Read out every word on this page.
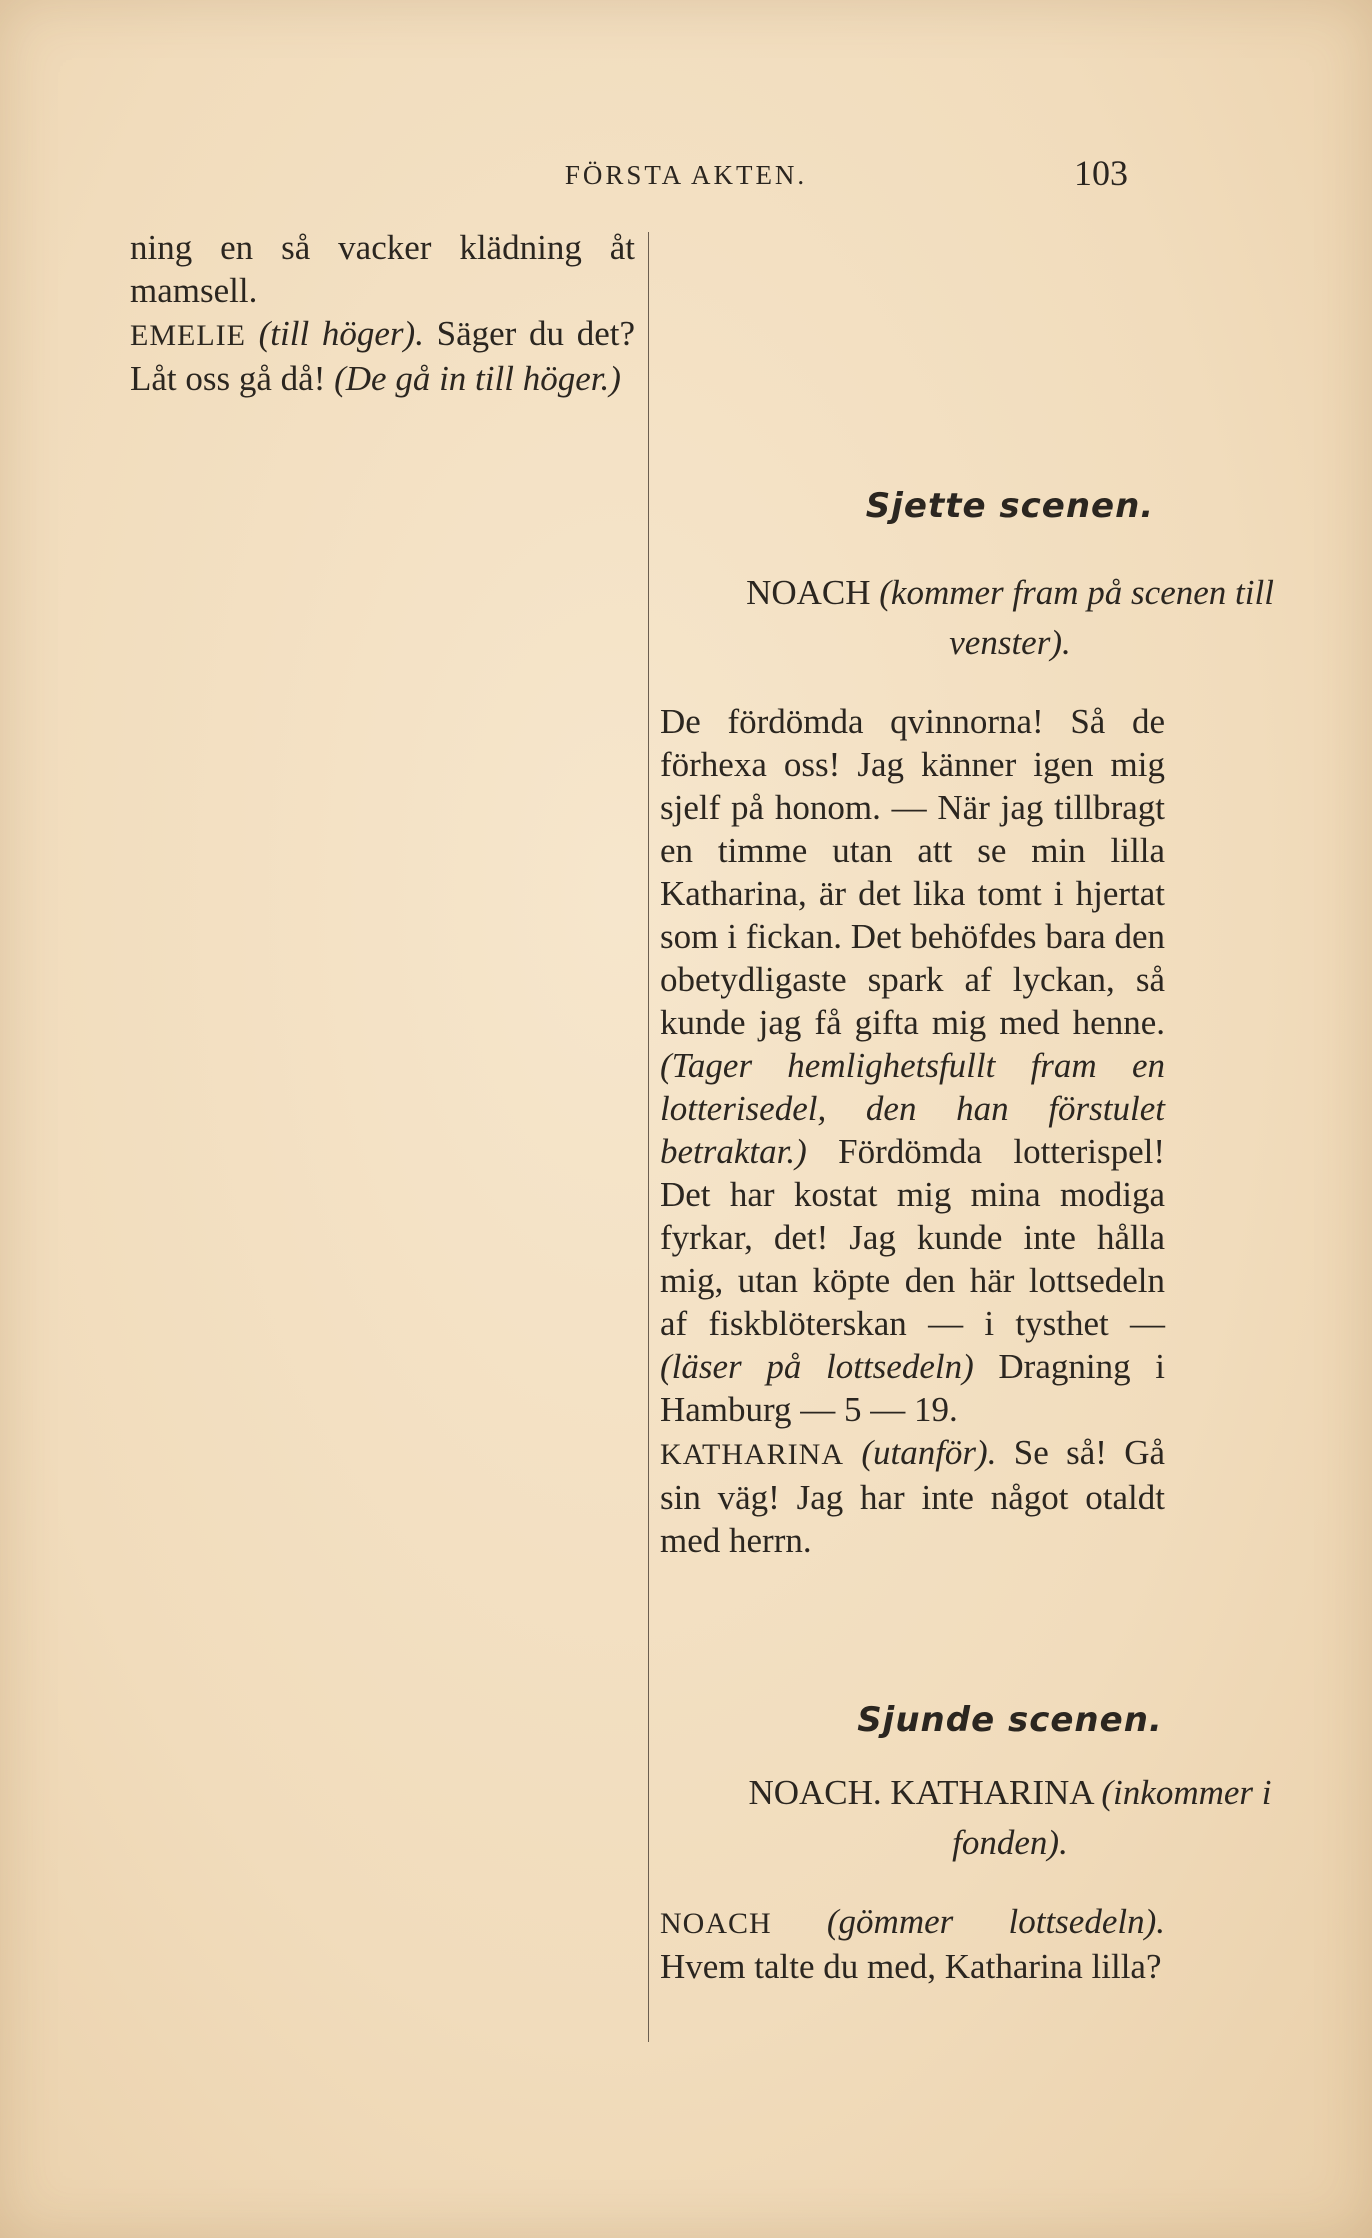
FÖRSTA AKTEN.	103

ning en så vacker klädning åt mamsell.
EMELIE (till höger). Säger du det? Låt oss gå då! (De gå in till höger.)

Sjette scenen.
NOACH (kommer fram på scenen till venster).

De fördömda qvinnorna! Så de förhexa oss! Jag känner igen mig sjelf på honom. — När jag tillbragt en timme utan att se min lilla Katharina, är det lika tomt i hjertat som i fickan. Det behöfdes bara den obetydligaste spark af lyckan, så kunde jag få gifta mig med henne. (Tager hemlighetsfullt fram en lotterisedel, den han förstulet betraktar.) Fördömda lotterispel! Det har kostat mig mina modiga fyrkar, det! Jag kunde inte hålla mig, utan köpte den här lottsedeln af fiskblöterskan — i tysthet — (läser på lottsedeln) Dragning i Hamburg — 5 — 19.
KATHARINA (utanför). Se så! Gå sin väg! Jag har inte något otaldt med herrn.

Sjunde scenen.
NOACH. KATHARINA (inkommer i fonden).

NOACH (gömmer lottsedeln). Hvem talte du med, Katharina lilla?
